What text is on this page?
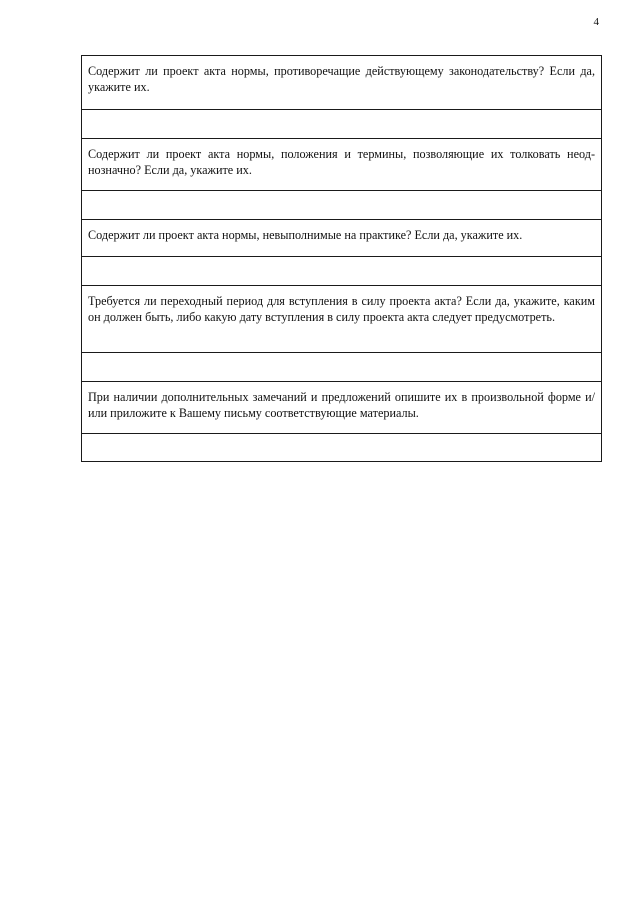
4
Содержит ли проект акта нормы, противоречащие действующему законодательству? Если да, укажите их.

Содержит ли проект акта нормы, положения и термины, позволяющие их толковать неоднозначно? Если да, укажите их.

Содержит ли проект акта нормы, невыполнимые на практике? Если да, укажите их.

Требуется ли переходный период для вступления в силу проекта акта? Если да, укажите, каким он должен быть, либо какую дату вступления в силу проекта акта следует предусмотреть.

При наличии дополнительных замечаний и предложений опишите их в произвольной форме и/или приложите к Вашему письму соответствующие материалы.
